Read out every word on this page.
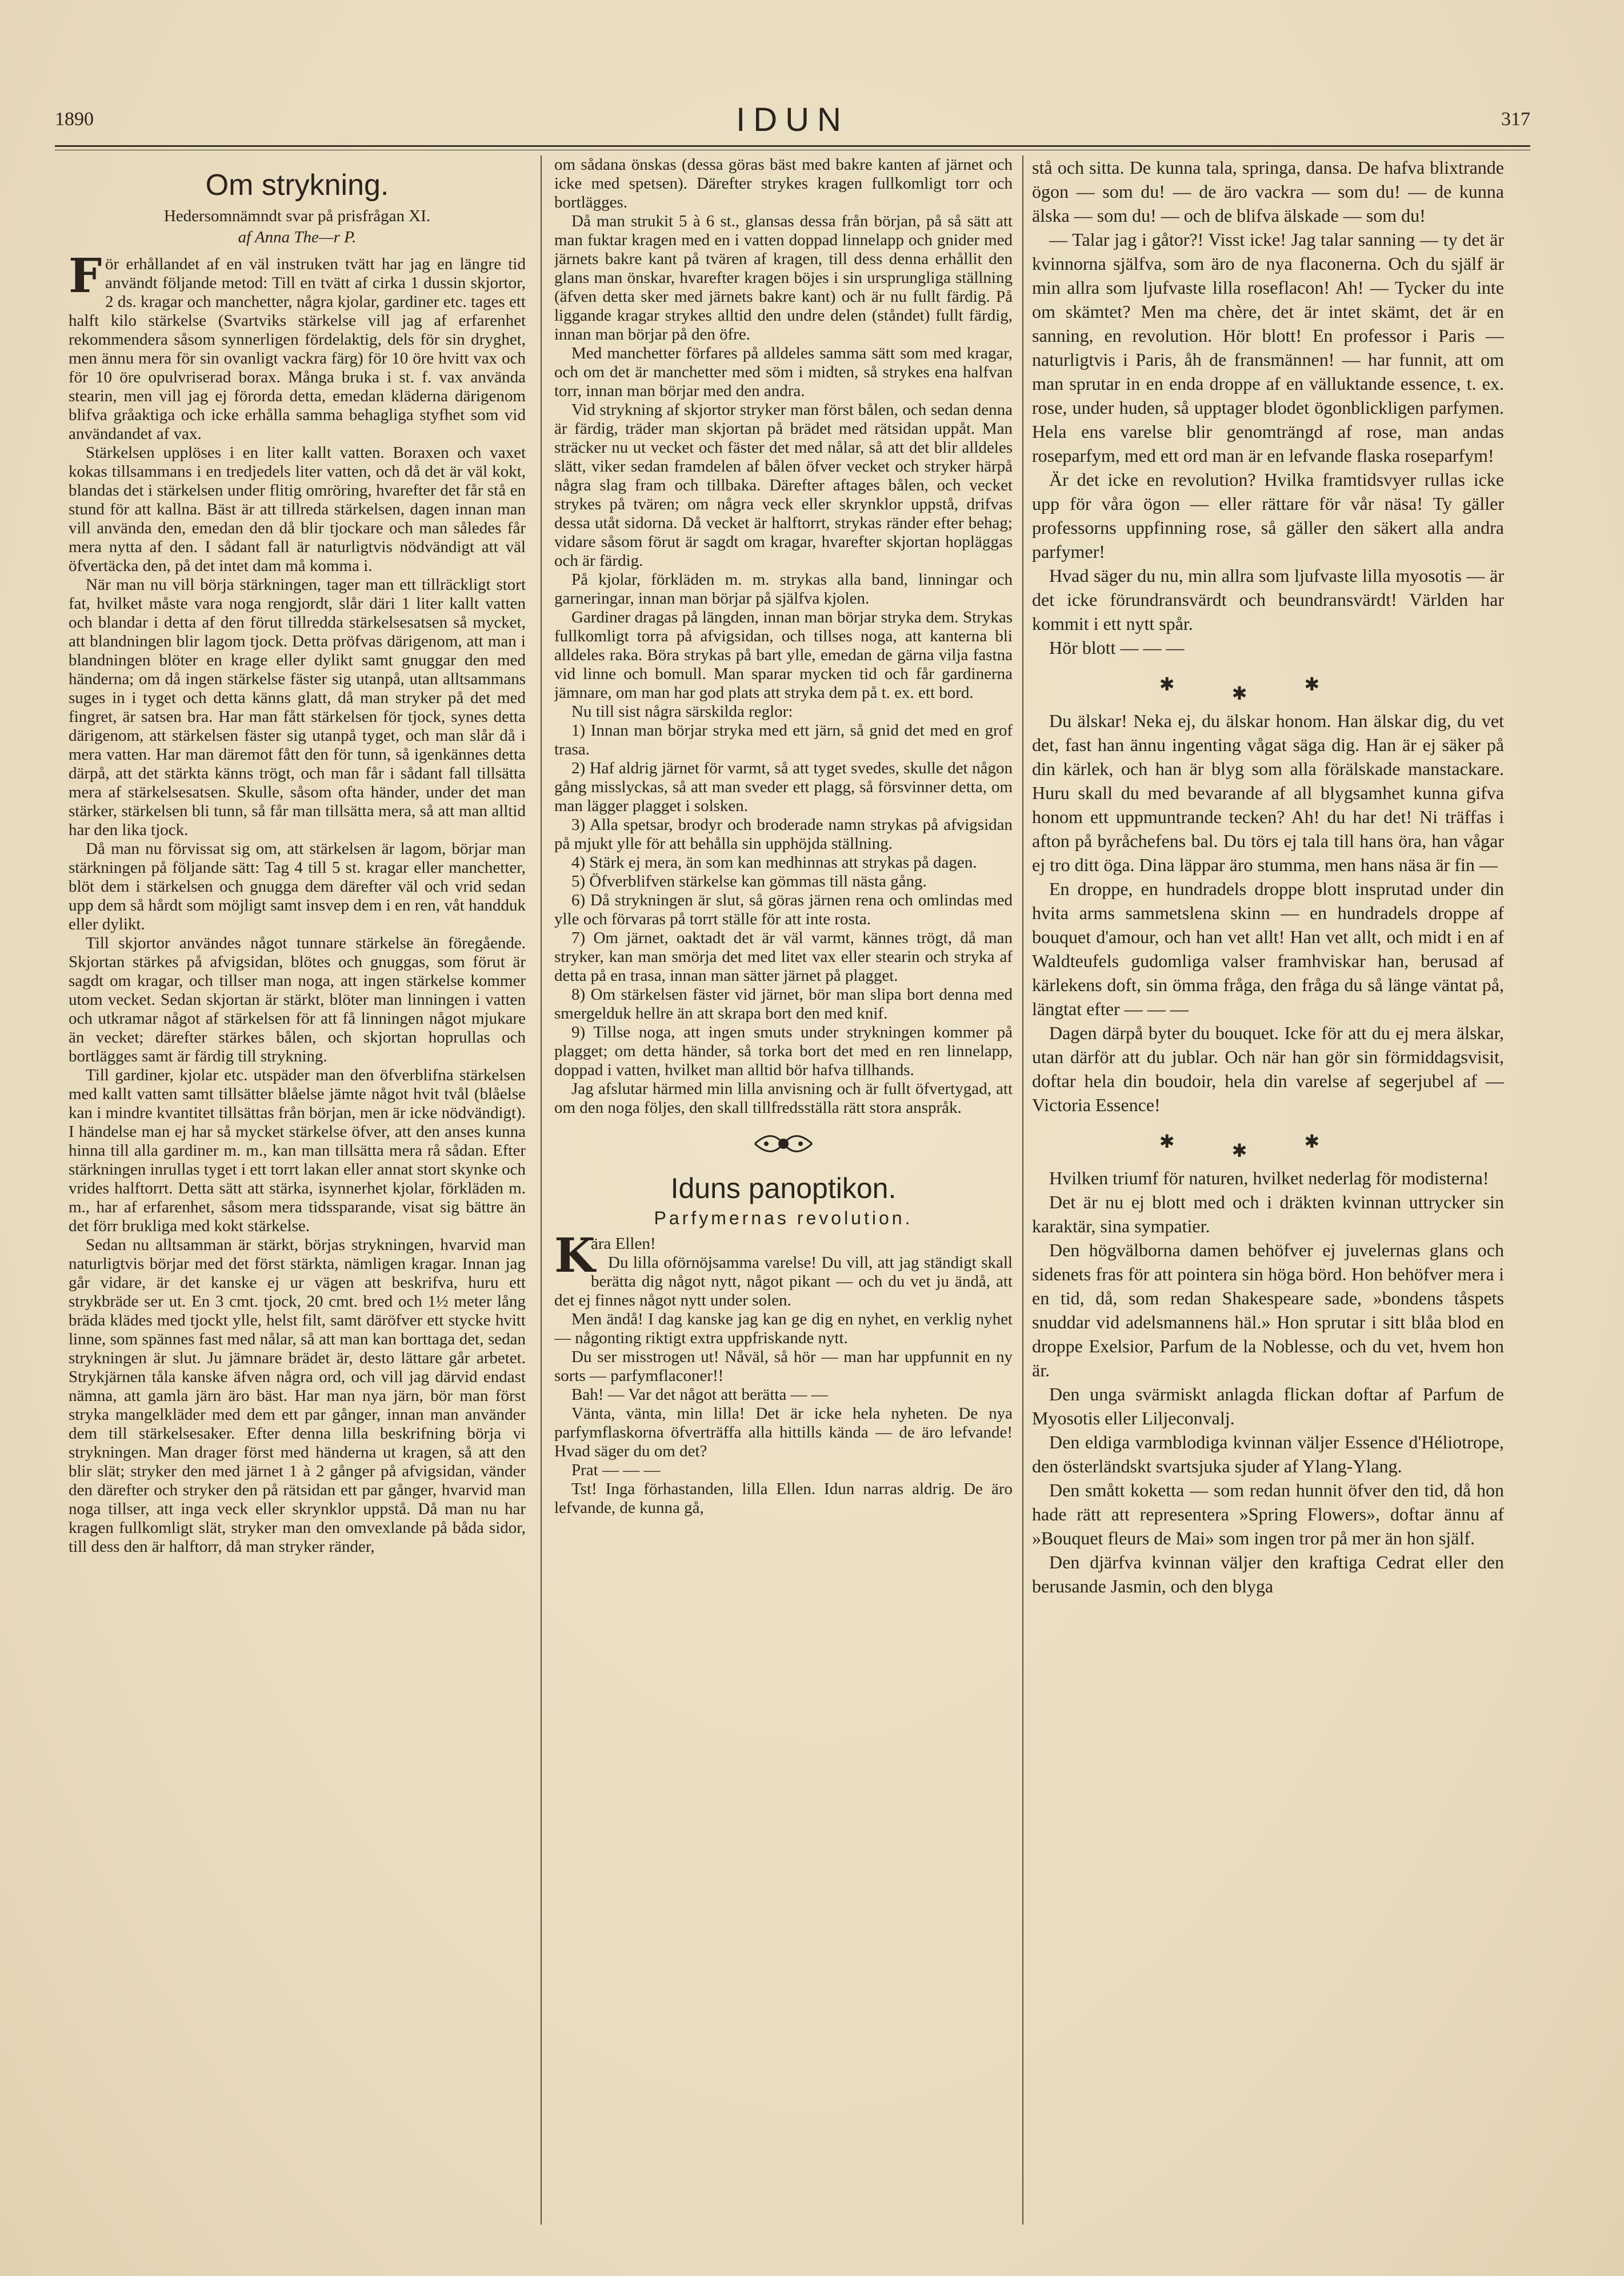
1890	IDUN	317
Om strykning.
Hedersomnämndt svar på prisfrågan XI.
af Anna The—r P.

För erhållandet af en väl instruken tvätt har jag en längre tid användt följande metod: Till en tvätt af cirka 1 dussin skjortor, 2 ds. kragar och manchetter, några kjolar, gardiner etc. tages ett halft kilo stärkelse (Svartviks stärkelse vill jag af erfarenhet rekommendera såsom synnerligen fördelaktig, dels för sin dryghet, men ännu mera för sin ovanligt vackra färg) för 10 öre hvitt vax och för 10 öre opulvriserad borax. Många bruka i st. f. vax använda stearin, men vill jag ej förorda detta, emedan kläderna därigenom blifva gråaktiga och icke erhålla samma behagliga styfhet som vid användandet af vax.

Stärkelsen upplöses i en liter kallt vatten. Boraxen och vaxet kokas tillsammans i en tredjedels liter vatten, och då det är väl kokt, blandas det i stärkelsen under flitig omröring, hvarefter det får stå en stund för att kallna. Bäst är att tillreda stärkelsen, dagen innan man vill använda den, emedan den då blir tjockare och man således får mera nytta af den. I sådant fall är naturligtvis nödvändigt att väl öfvertäcka den, på det intet dam må komma i.

När man nu vill börja stärkningen, tager man ett tillräckligt stort fat, hvilket måste vara noga rengjordt, slår däri 1 liter kallt vatten och blandar i detta af den förut tillredda stärkelsesatsen så mycket, att blandningen blir lagom tjock. Detta pröfvas därigenom, att man i blandningen blöter en krage eller dylikt samt gnuggar den med händerna; om då ingen stärkelse fäster sig utanpå, utan alltsammans suges in i tyget och detta känns glatt, då man stryker på det med fingret, är satsen bra. Har man fått stärkelsen för tjock, synes detta därigenom, att stärkelsen fäster sig utanpå tyget, och man slår då i mera vatten. Har man däremot fått den för tunn, så igenkännes detta därpå, att det stärkta känns trögt, och man får i sådant fall tillsätta mera af stärkelsesatsen. Skulle, såsom ofta händer, under det man stärker, stärkelsen bli tunn, så får man tillsätta mera, så att man alltid har den lika tjock.

Då man nu förvissat sig om, att stärkelsen är lagom, börjar man stärkningen på följande sätt: Tag 4 till 5 st. kragar eller manchetter, blöt dem i stärkelsen och gnugga dem därefter väl och vrid sedan upp dem så hårdt som möjligt samt insvep dem i en ren, våt handduk eller dylikt.

Till skjortor användes något tunnare stärkelse än föregående. Skjortan stärkes på afvigsidan, blötes och gnuggas, som förut är sagdt om kragar, och tillser man noga, att ingen stärkelse kommer utom vecket. Sedan skjortan är stärkt, blöter man linningen i vatten och utkramar något af stärkelsen för att få linningen något mjukare än vecket; därefter stärkes bålen, och skjortan hoprullas och bortlägges samt är färdig till strykning.

Till gardiner, kjolar etc. utspäder man den öfverblifna stärkelsen med kallt vatten samt tillsätter blåelse jämte något hvit tvål (blåelse kan i mindre kvantitet tillsättas från början, men är icke nödvändigt). I händelse man ej har så mycket stärkelse öfver, att den anses kunna hinna till alla gardiner m. m., kan man tillsätta mera rå sådan. Efter stärkningen inrullas tyget i ett torrt lakan eller annat stort skynke och vrides halftorrt. Detta sätt att stärka, isynnerhet kjolar, förkläden m. m., har af erfarenhet, såsom mera tidssparande, visat sig bättre än det förr brukliga med kokt stärkelse.

Sedan nu alltsamman är stärkt, börjas strykningen, hvarvid man naturligtvis börjar med det först stärkta, nämligen kragar. Innan jag går vidare, är det kanske ej ur vägen att beskrifva, huru ett strykbräde ser ut. En 3 cmt. tjock, 20 cmt. bred och 1½ meter lång bräda klädes med tjockt ylle, helst filt, samt däröfver ett stycke hvitt linne, som spännes fast med nålar, så att man kan borttaga det, sedan strykningen är slut. Ju jämnare brädet är, desto lättare går arbetet. Strykjärnen tåla kanske äfven några ord, och vill jag därvid endast nämna, att gamla järn äro bäst. Har man nya järn, bör man först stryka mangelkläder med dem ett par gånger, innan man använder dem till stärkelsesaker. Efter denna lilla beskrifning börja vi strykningen. Man drager först med händerna ut kragen, så att den blir slät; stryker den med järnet 1 à 2 gånger på afvigsidan, vänder den därefter och stryker den på rätsidan ett par gånger, hvarvid man noga tillser, att inga veck eller skrynklor uppstå. Då man nu har kragen fullkomligt slät, stryker man den omvexlande på båda sidor, till dess den är halftorr, då man stryker ränder,

om sådana önskas (dessa göras bäst med bakre kanten af järnet och icke med spetsen). Därefter strykes kragen fullkomligt torr och bortlägges.

Då man strukit 5 à 6 st., glansas dessa från början, på så sätt att man fuktar kragen med en i vatten doppad linnelapp och gnider med järnets bakre kant på tvären af kragen, till dess denna erhållit den glans man önskar, hvarefter kragen böjes i sin ursprungliga ställning (äfven detta sker med järnets bakre kant) och är nu fullt färdig. På liggande kragar strykes alltid den undre delen (ståndet) fullt färdig, innan man börjar på den öfre.

Med manchetter förfares på alldeles samma sätt som med kragar, och om det är manchetter med söm i midten, så strykes ena halfvan torr, innan man börjar med den andra.

Vid strykning af skjortor stryker man först bålen, och sedan denna är färdig, träder man skjortan på brädet med rätsidan uppåt. Man sträcker nu ut vecket och fäster det med nålar, så att det blir alldeles slätt, viker sedan framdelen af bålen öfver vecket och stryker härpå några slag fram och tillbaka. Därefter aftages bålen, och vecket strykes på tvären; om några veck eller skrynklor uppstå, drifvas dessa utåt sidorna. Då vecket är halftorrt, strykas ränder efter behag; vidare såsom förut är sagdt om kragar, hvarefter skjortan hopläggas och är färdig.

På kjolar, förkläden m. m. strykas alla band, linningar och garneringar, innan man börjar på själfva kjolen.

Gardiner dragas på längden, innan man börjar stryka dem. Strykas fullkomligt torra på afvigsidan, och tillses noga, att kanterna bli alldeles raka. Böra strykas på bart ylle, emedan de gärna vilja fastna vid linne och bomull. Man sparar mycken tid och får gardinerna jämnare, om man har god plats att stryka dem på t. ex. ett bord.

Nu till sist några särskilda reglor:

1) Innan man börjar stryka med ett järn, så gnid det med en grof trasa.

2) Haf aldrig järnet för varmt, så att tyget svedes, skulle det någon gång misslyckas, så att man sveder ett plagg, så försvinner detta, om man lägger plagget i solsken.

3) Alla spetsar, brodyr och broderade namn strykas på afvigsidan på mjukt ylle för att behålla sin upphöjda ställning.

4) Stärk ej mera, än som kan medhinnas att strykas på dagen.

5) Öfverblifven stärkelse kan gömmas till nästa gång.

6) Då strykningen är slut, så göras järnen rena och omlindas med ylle och förvaras på torrt ställe för att inte rosta.

7) Om järnet, oaktadt det är väl varmt, kännes trögt, då man stryker, kan man smörja det med litet vax eller stearin och stryka af detta på en trasa, innan man sätter järnet på plagget.

8) Om stärkelsen fäster vid järnet, bör man slipa bort denna med smergelduk hellre än att skrapa bort den med knif.

9) Tillse noga, att ingen smuts under strykningen kommer på plagget; om detta händer, så torka bort det med en ren linnelapp, doppad i vatten, hvilket man alltid bör hafva tillhands.

Jag afslutar härmed min lilla anvisning och är fullt öfvertygad, att om den noga följes, den skall tillfredsställa rätt stora anspråk.

Iduns panoptikon.
Parfymernas revolution.

K
ära Ellen!

Du lilla oförnöjsamma varelse! Du vill, att jag ständigt skall berätta dig något nytt, något pikant — och du vet ju ändå, att det ej finnes något nytt under solen.

Men ändå! I dag kanske jag kan ge dig en nyhet, en verklig nyhet — någonting riktigt extra uppfriskande nytt.

Du ser misstrogen ut! Nåväl, så hör — man har uppfunnit en ny sorts — parfymflaconer!!

Bah! — Var det något att berätta — —

Vänta, vänta, min lilla! Det är icke hela nyheten. De nya parfymflaskorna öfverträffa alla hittills kända — de äro lefvande! Hvad säger du om det?

Prat — — —

Tst! Inga förhastanden, lilla Ellen. Idun narras aldrig. De äro lefvande, de kunna gå,

stå och sitta. De kunna tala, springa, dansa. De hafva blixtrande ögon — som du! — de äro vackra — som du! — de kunna älska — som du! — och de blifva älskade — som du!

— Talar jag i gåtor?! Visst icke! Jag talar sanning — ty det är kvinnorna själfva, som äro de nya flaconerna. Och du själf är min allra som ljufvaste lilla roseflacon! Ah! — Tycker du inte om skämtet? Men ma chère, det är intet skämt, det är en sanning, en revolution. Hör blott! En professor i Paris — naturligtvis i Paris, åh de fransmännen! — har funnit, att om man sprutar in en enda droppe af en välluktande essence, t. ex. rose, under huden, så upptager blodet ögonblickligen parfymen. Hela ens varelse blir genomträngd af rose, man andas roseparfym, med ett ord man är en lefvande flaska roseparfym!

Är det icke en revolution? Hvilka framtidsvyer rullas icke upp för våra ögon — eller rättare för vår näsa! Ty gäller professorns uppfinning rose, så gäller den säkert alla andra parfymer!

Hvad säger du nu, min allra som ljufvaste lilla myosotis — är det icke förundransvärdt och beundransvärdt! Världen har kommit i ett nytt spår.

Hör blott — — —

✱✱✱

Du älskar! Neka ej, du älskar honom. Han älskar dig, du vet det, fast han ännu ingenting vågat säga dig. Han är ej säker på din kärlek, och han är blyg som alla förälskade manstackare. Huru skall du med bevarande af all blygsamhet kunna gifva honom ett uppmuntrande tecken? Ah! du har det! Ni träffas i afton på byråchefens bal. Du törs ej tala till hans öra, han vågar ej tro ditt öga. Dina läppar äro stumma, men hans näsa är fin —

En droppe, en hundradels droppe blott insprutad under din hvita arms sammetslena skinn — en hundradels droppe af bouquet d'amour, och han vet allt! Han vet allt, och midt i en af Waldteufels gudomliga valser framhviskar han, berusad af kärlekens doft, sin ömma fråga, den fråga du så länge väntat på, längtat efter — — —

Dagen därpå byter du bouquet. Icke för att du ej mera älskar, utan därför att du jublar. Och när han gör sin förmiddagsvisit, doftar hela din boudoir, hela din varelse af segerjubel af — Victoria Essence!

✱✱✱

Hvilken triumf för naturen, hvilket nederlag för modisterna!

Det är nu ej blott med och i dräkten kvinnan uttrycker sin karaktär, sina sympatier.

Den högvälborna damen behöfver ej juvelernas glans och sidenets fras för att pointera sin höga börd. Hon behöfver mera i en tid, då, som redan Shakespeare sade, »bondens tåspets snuddar vid adelsmannens häl.» Hon sprutar i sitt blåa blod en droppe Exelsior, Parfum de la Noblesse, och du vet, hvem hon är.

Den unga svärmiskt anlagda flickan doftar af Parfum de Myosotis eller Liljeconvalj.

Den eldiga varmblodiga kvinnan väljer Essence d'Héliotrope, den österländskt svartsjuka sjuder af Ylang-Ylang.

Den smått koketta — som redan hunnit öfver den tid, då hon hade rätt att representera »Spring Flowers», doftar ännu af »Bouquet fleurs de Mai» som ingen tror på mer än hon själf.

Den djärfva kvinnan väljer den kraftiga Cedrat eller den berusande Jasmin, och den blyga
